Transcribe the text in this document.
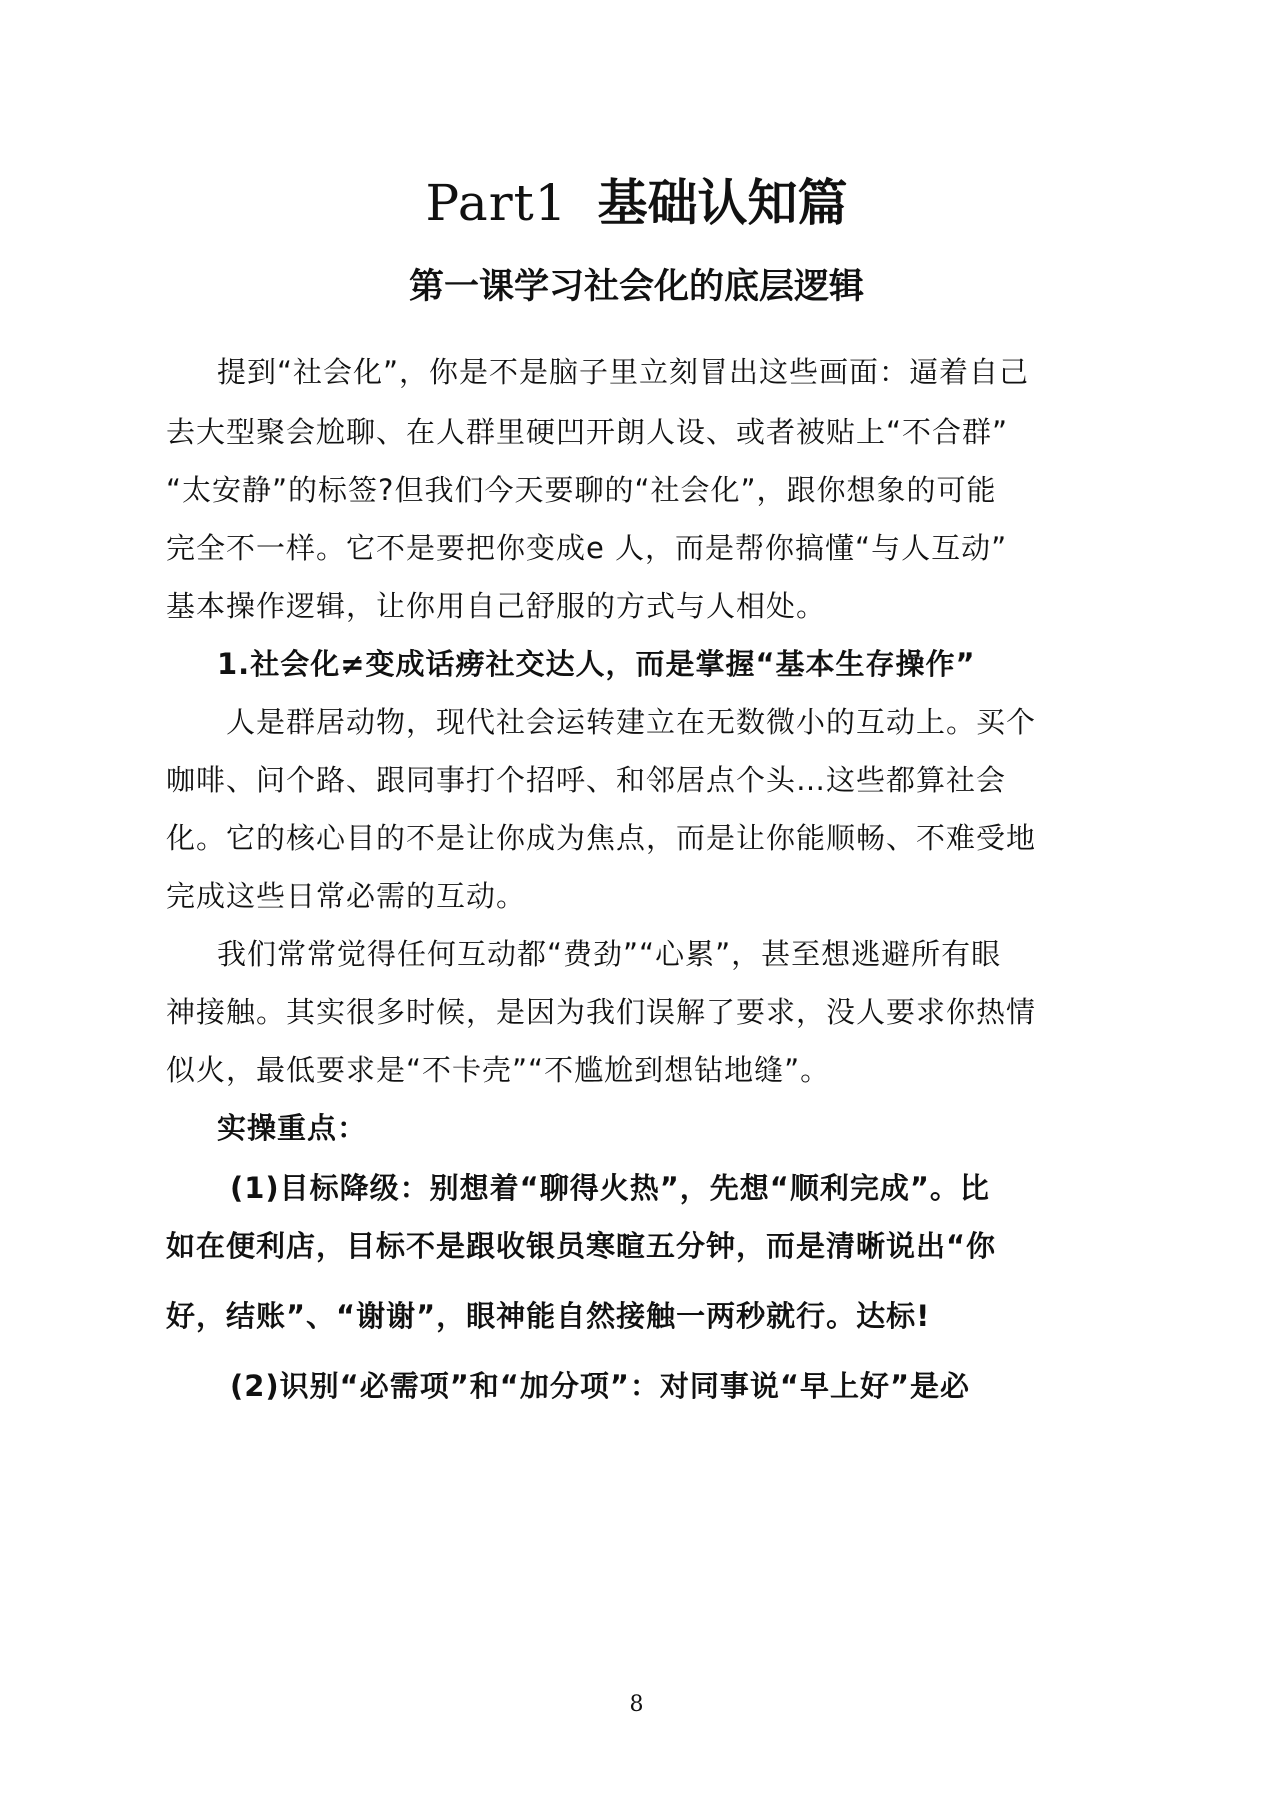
Part1 基础认知篇
第一课学习社会化的底层逻辑

提到“社会化”，你是不是脑子里立刻冒出这些画面：逼着自己

去大型聚会尬聊、在人群里硬凹开朗人设、或者被贴上“不合群”

“太安静”的标签?但我们今天要聊的“社会化”，跟你想象的可能

完全不一样。它不是要把你变成e 人，而是帮你搞懂“与人互动”

基本操作逻辑，让你用自己舒服的方式与人相处。

1.社会化≠变成话痨社交达人，而是掌握“基本生存操作”

人是群居动物，现代社会运转建立在无数微小的互动上。买个

咖啡、问个路、跟同事打个招呼、和邻居点个头…这些都算社会

化。它的核心目的不是让你成为焦点，而是让你能顺畅、不难受地

完成这些日常必需的互动。

我们常常觉得任何互动都“费劲”“心累”，甚至想逃避所有眼

神接触。其实很多时候，是因为我们误解了要求，没人要求你热情

似火，最低要求是“不卡壳”“不尴尬到想钻地缝”。

实操重点：

(1)目标降级：别想着“聊得火热”，先想“顺利完成”。比

如在便利店，目标不是跟收银员寒暄五分钟，而是清晰说出“你

好，结账”、“谢谢”，眼神能自然接触一两秒就行。达标!

(2)识别“必需项”和“加分项”：对同事说“早上好”是必

8
